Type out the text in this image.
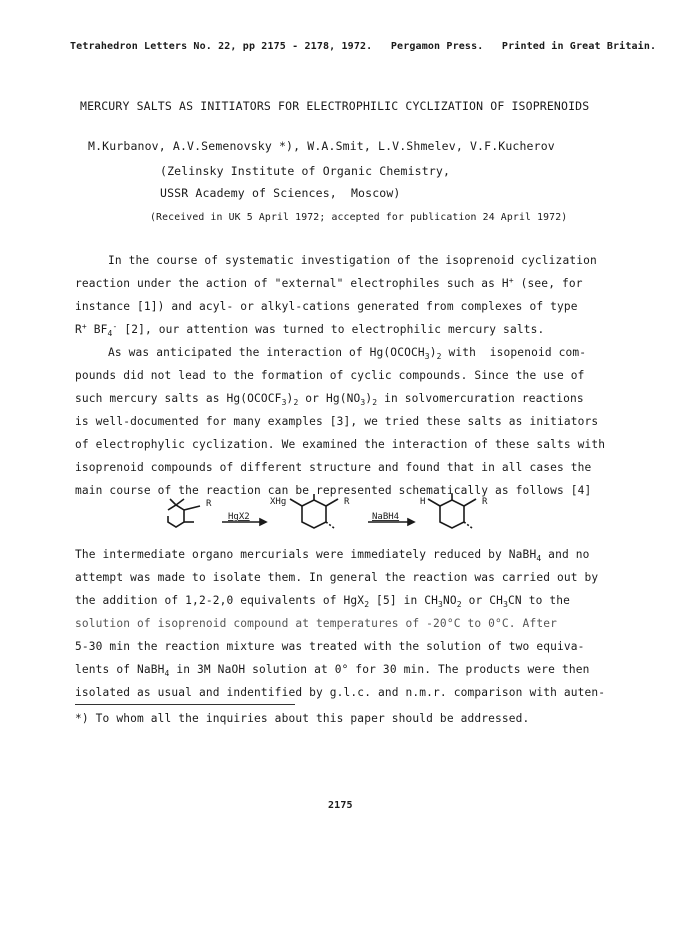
Tetrahedron Letters No. 22, pp 2175 - 2178, 1972.   Pergamon Press.   Printed in Great Britain.
MERCURY SALTS AS INITIATORS FOR ELECTROPHILIC CYCLIZATION OF ISOPRENOIDS
M.Kurbanov, A.V.Semenovsky *), W.A.Smit, L.V.Shmelev, V.F.Kucherov
(Zelinsky Institute of Organic Chemistry,
USSR Academy of Sciences,  Moscow)
(Received in UK 5 April 1972; accepted for publication 24 April 1972)
In the course of systematic investigation of the isoprenoid cyclization
reaction under the action of "external" electrophiles such as H+ (see, for
instance [1]) and acyl- or alkyl-cations generated from complexes of type
R+ $BF_4^-$ [2], our attention was turned to electrophilic mercury salts.
As was anticipated the interaction of $Hg(OCOCH_3)_2$ with  isopenoid com-
pounds did not lead to the formation of cyclic compounds. Since the use of
such mercury salts as $Hg(OCOCF_3)_2$ or $Hg(NO_3)_2$ in solvomercuration reactions
is well-documented for many examples [3], we tried these salts as initiators
of electrophylic cyclization. We examined the interaction of these salts with
isoprenoid compounds of different structure and found that in all cases the
main course of the reaction can be represented schematically as follows [4]
R
HgX2
XHg	R
NaBH4
H	R
The intermediate organo mercurials were immediately reduced by NaBH$_4$ and no
attempt was made to isolate them. In general the reaction was carried out by
the addition of 1,2-2,0 equivalents of HgX$_2$ [5] in $CH_3NO_2$ or $CH_3CN$ to the
solution of isoprenoid compound at temperatures of -20°C to 0°C. After
5-30 min the reaction mixture was treated with the solution of two equiva-
lents of NaBH$_4$ in 3M NaOH solution at 0° for 30 min. The products were then
isolated as usual and indentified by g.l.c. and n.m.r. comparison with auten-
*) To whom all the inquiries about this paper should be addressed.
2175
